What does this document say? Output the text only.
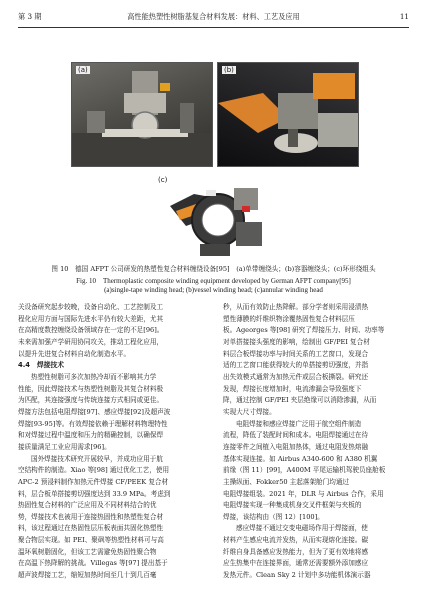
第 3 期	高性能热塑性树脂基复合材料发展：材料、工艺及应用	11
(a)	(b)
(c)
图 10　德国 AFPT 公司研发的热塑性复合材料缠绕设备[95]　(a)单带缠绕头；(b)容器缠绕头；(c)环形绕组头
Fig. 10　Thermoplastic composite winding equipment developed by German AFPT company[95]
(a)single-tape winding head; (b)vessel winding head; (c)annular winding head

关设备研究起步较晚，设备自动化、工艺控制及工

程化应用方面与国际先进水平仍有较大差距，尤其

在高精度数控缠绕设备领域存在一定的不足[96]。

未来需加强产学研用协同攻关，推动工程化应用，

以提升先进复合材料自动化制造水平。

4.4　焊接技术

热塑性树脂可多次加热冷却而不影响其力学

性能，因此焊接技术与热塑性树脂及其复合材料极

为匹配，其连接强度与传统连接方式相同或更佳。

焊接方法包括电阻焊接[97]、感应焊接[92]及超声波

焊接[93-95]等。有效焊接依赖于理解材料物理特性

和对焊接过程中温度和压力的精确控制，以确保焊

接质量满足工业应用需求[96]。

国外焊接技术研究开展较早，并成功应用于航

空结构件的制造。Xiao 等[98] 通过优化工艺，使用

APC-2 预浸料制作加热元件焊接 CF/PEEK 复合材

料，层合板单搭接剪切强度达到 33.9 MPa。考虑到

热固性复合材料的广泛应用及不同材料结合的优

势，焊接技术也被用于连接热固性和热塑性复合材

料，该过程通过在热固性层压板表面共固化热塑性

聚合物层实现。如 PEI、聚砜等热塑性材料可与高

温环氧树脂固化，但该工艺需避免热固性聚合物

在高温下热降解的挑战。Villegas 等[97] 提出基于

超声波焊接工艺，缩短加热时间至几十到几百毫

秒，从而有效防止热降解。部分学者则采用浸渍热

塑性薄膜的纤维织物涂覆热固性复合材料层压

板。Ageorges 等[98] 研究了焊接压力、时间、功率等

对单搭接接头强度的影响，绘制出 GF/PEI 复合材

料层合板焊接功率与时间关系的工艺窗口，发现合

适的工艺窗口能获得较大的单搭接剪切强度，并指

出失效模式通常为加热元件或层合板撕裂。研究还

发现，焊接长度增加时，电流渗漏会导致强度下

降，通过控制 GF/PEI 夹层绝缘可以消除渗漏，从而

实现大尺寸焊接。

电阻焊接和感应焊接广泛用于航空组件制造

流程，降低了装配时间和成本。电阻焊接通过在待

连接零件之间植入电阻加热体，通过电阻发热熔融

基体实现连接。如 Airbus A340-600 和 A380 机翼

前缘（图 11）[99]，A400M 平尾运输机驾驶员座舱板

主操纵面、Fokker50 主起落架舱门均通过

电阻焊接组装。2021 年，DLR 与 Airbus 合作，采用

电阻焊接实现一种集成机身交叉件框架与夹板的

焊接，该结构由（图 12）[100]。

感应焊接不通过交变电磁场作用于焊接面，使

材料产生感应电流并发热，从而实现熔化连接。碳

纤维自身具备感应发热能力，但为了更有效地将感

应生热集中在连接界面，通常还需要额外添加感应

发热元件。Clean Sky 2 计划中多功能机体演示器
